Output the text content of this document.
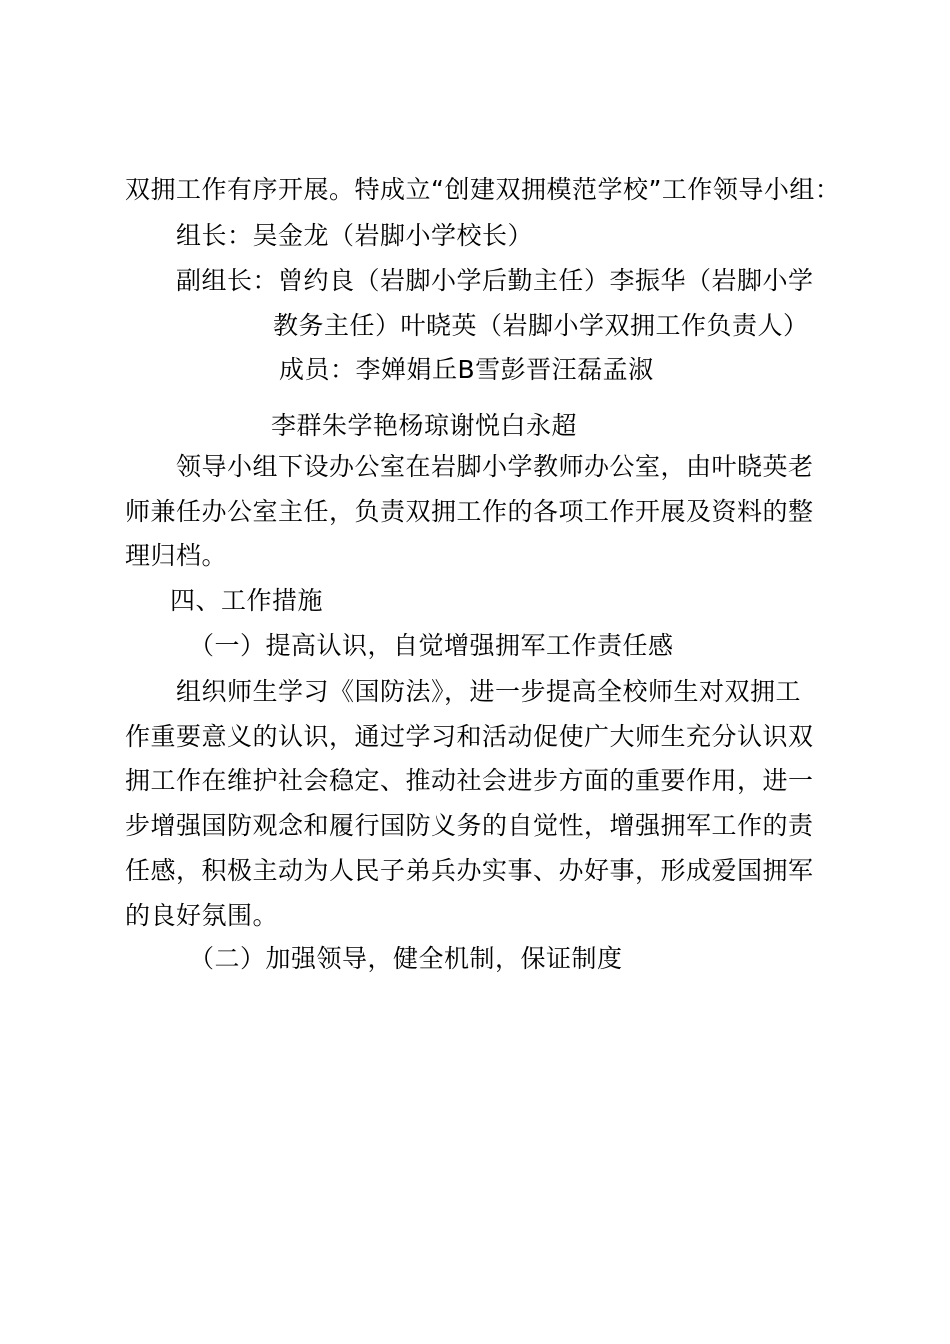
双拥工作有序开展。特成立“创建双拥模范学校”工作领导小组：
组长：吴金龙（岩脚小学校长）
副组长：曾约良（岩脚小学后勤主任）李振华（岩脚小学
教务主任）叶晓英（岩脚小学双拥工作负责人）
成员：李婵娟丘B雪彭晋汪磊孟淑
李群朱学艳杨琼谢悦白永超
领导小组下设办公室在岩脚小学教师办公室，由叶晓英老
师兼任办公室主任，负责双拥工作的各项工作开展及资料的整
理归档。
四、工作措施
（一）提高认识，自觉增强拥军工作责任感
组织师生学习《国防法》，进一步提高全校师生对双拥工
作重要意义的认识，通过学习和活动促使广大师生充分认识双
拥工作在维护社会稳定、推动社会进步方面的重要作用，进一
步增强国防观念和履行国防义务的自觉性，增强拥军工作的责
任感，积极主动为人民子弟兵办实事、办好事，形成爱国拥军
的良好氛围。
（二）加强领导，健全机制，保证制度
